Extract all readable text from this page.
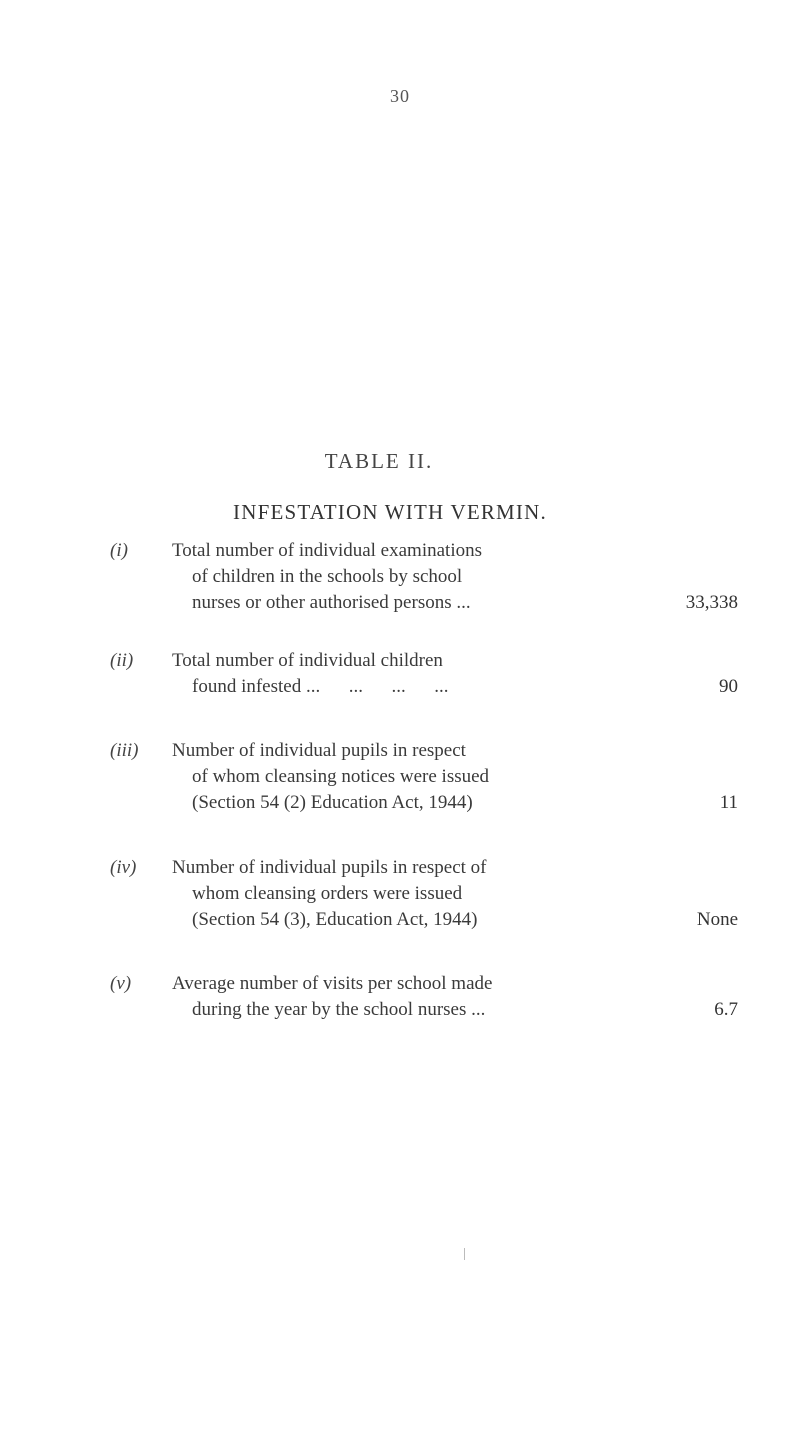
30
TABLE II.
INFESTATION WITH VERMIN.
(i) Total number of individual examinations
of children in the schools by school
nurses or other authorised persons ...	33,338
(ii) Total number of individual children
found infested ...      ...      ...      ...	90
(iii) Number of individual pupils in respect
of whom cleansing notices were issued
(Section 54 (2) Education Act, 1944)	11
(iv) Number of individual pupils in respect of
whom cleansing orders were issued
(Section 54 (3), Education Act, 1944)	None
(v) Average number of visits per school made
during the year by the school nurses ...	6.7
